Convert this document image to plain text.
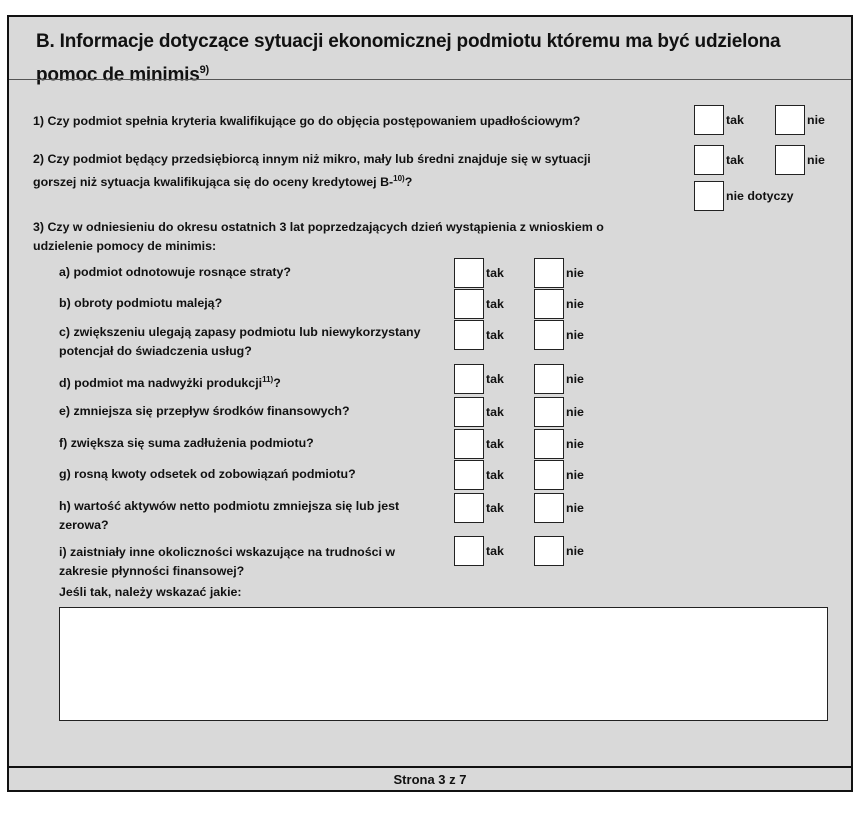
B. Informacje dotyczące sytuacji ekonomicznej podmiotu któremu ma być udzielona
pomoc de minimis$^{9)}$
1) Czy podmiot spełnia kryteria kwalifikujące go do objęcia postępowaniem upadłościowym?	tak	nie
2) Czy podmiot będący przedsiębiorcą innym niż mikro, mały lub średni znajduje się w sytuacji
gorszej niż sytuacja kwalifikująca się do oceny kredytowej B-$^{10)}$?
tak	nie
nie dotyczy
3) Czy w odniesieniu do okresu ostatnich 3 lat poprzedzających dzień wystąpienia z wnioskiem o
udzielenie pomocy de minimis:
a) podmiot odnotowuje rosnące straty?	tak	nie
b) obroty podmiotu maleją?	tak	nie
c) zwiększeniu ulegają zapasy podmiotu lub niewykorzystany
potencjał do świadczenia usług?
tak	nie
d) podmiot ma nadwyżki produkcji$^{11)}$?	tak	nie
e) zmniejsza się przepływ środków finansowych?	tak	nie
f) zwiększa się suma zadłużenia podmiotu?	tak	nie
g) rosną kwoty odsetek od zobowiązań podmiotu?	tak	nie
h) wartość aktywów netto podmiotu zmniejsza się lub jest
zerowa?
tak	nie
i) zaistniały inne okoliczności wskazujące na trudności w
zakresie płynności finansowej?
tak	nie
Jeśli tak, należy wskazać jakie:
Strona 3 z 7
